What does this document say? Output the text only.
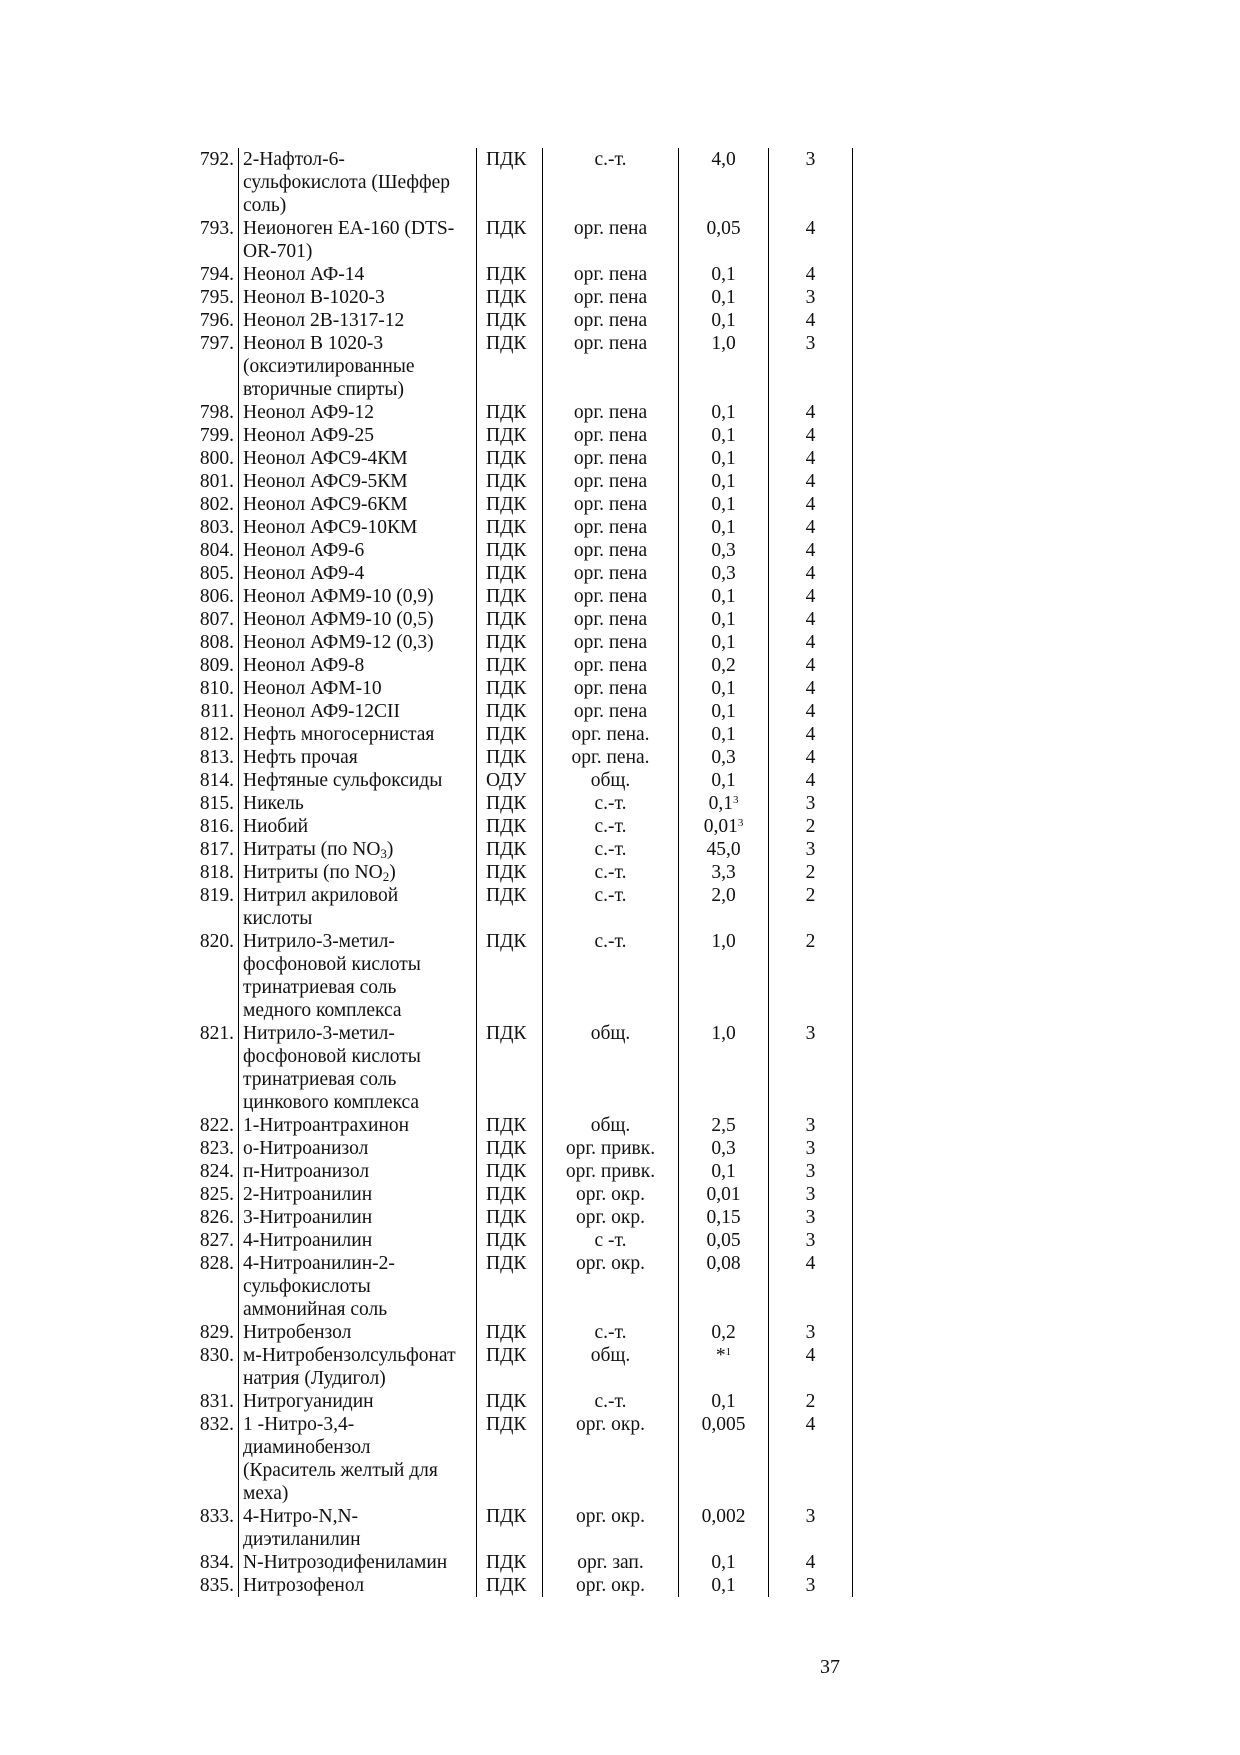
792.	2-Нафтол-6-
сульфокислота (Шеффер
соль)	ПДК	с.-т.	4,0	3
793.	Неионоген ЕА-160 (DTS-
OR-701)	ПДК	орг. пена	0,05	4
794.	Неонол АФ-14	ПДК	орг. пена	0,1	4
795.	Неонол В-1020-3	ПДК	орг. пена	0,1	3
796.	Неонол 2В-1317-12	ПДК	орг. пена	0,1	4
797.	Неонол В 1020-3
(оксиэтилированные
вторичные спирты)	ПДК	орг. пена	1,0	3
798.	Неонол АФ9-12	ПДК	орг. пена	0,1	4
799.	Неонол АФ9-25	ПДК	орг. пена	0,1	4
800.	Неонол АФС9-4КМ	ПДК	орг. пена	0,1	4
801.	Неонол АФС9-5КМ	ПДК	орг. пена	0,1	4
802.	Неонол АФС9-6КМ	ПДК	орг. пена	0,1	4
803.	Неонол АФС9-10КМ	ПДК	орг. пена	0,1	4
804.	Неонол АФ9-6	ПДК	орг. пена	0,3	4
805.	Неонол АФ9-4	ПДК	орг. пена	0,3	4
806.	Неонол АФМ9-10 (0,9)	ПДК	орг. пена	0,1	4
807.	Неонол АФМ9-10 (0,5)	ПДК	орг. пена	0,1	4
808.	Неонол АФМ9-12 (0,3)	ПДК	орг. пена	0,1	4
809.	Неонол АФ9-8	ПДК	орг. пена	0,2	4
810.	Неонол АФМ-10	ПДК	орг. пена	0,1	4
811.	Неонол АФ9-12СII	ПДК	орг. пена	0,1	4
812.	Нефть многосернистая	ПДК	орг. пена.	0,1	4
813.	Нефть прочая	ПДК	орг. пена.	0,3	4
814.	Нефтяные сульфоксиды	ОДУ	общ.	0,1	4
815.	Никель	ПДК	с.-т.	$0,1^3$	3
816.	Ниобий	ПДК	с.-т.	0,01$^3$	2
817.	Нитраты (по $NO_3$)	ПДК	с.-т.	45,0	3
818.	Нитриты (по $NO_2$)	ПДК	с.-т.	3,3	2
819.	Нитрил акриловой
кислоты	ПДК	с.-т.	2,0	2
820.	Нитрило-3-метил-
фосфоновой кислоты
тринатриевая соль
медного комплекса	ПДК	с.-т.	1,0	2
821.	Нитрило-3-метил-
фосфоновой кислоты
тринатриевая соль
цинкового комплекса	ПДК	общ.	1,0	3
822.	1-Нитроантрахинон	ПДК	общ.	2,5	3
823.	о-Нитроанизол	ПДК	орг. привк.	0,3	3
824.	п-Нитроанизол	ПДК	орг. привк.	0,1	3
825.	2-Нитроанилин	ПДК	орг. окр.	0,01	3
826.	3-Нитроанилин	ПДК	орг. окр.	0,15	3
827.	4-Нитроанилин	ПДК	с -т.	0,05	3
828.	4-Нитроанилин-2-
сульфокислоты
аммонийная соль	ПДК	орг. окр.	0,08	4
829.	Нитробензол	ПДК	с.-т.	0,2	3
830.	м-Нитробензолсульфонат
натрия (Лудигол)	ПДК	общ.	*$^1$	4
831.	Нитрогуанидин	ПДК	с.-т.	0,1	2
832.	1 -Нитро-3,4-
диаминобензол
(Краситель желтый для
меха)	ПДК	орг. окр.	0,005	4
833.	4-Нитро-N,N-
диэтиланилин	ПДК	орг. окр.	0,002	3
834.	N-Нитрозодифениламин	ПДК	орг. зап.	0,1	4
835.	Нитрозофенол	ПДК	орг. окр.	0,1	3
37
